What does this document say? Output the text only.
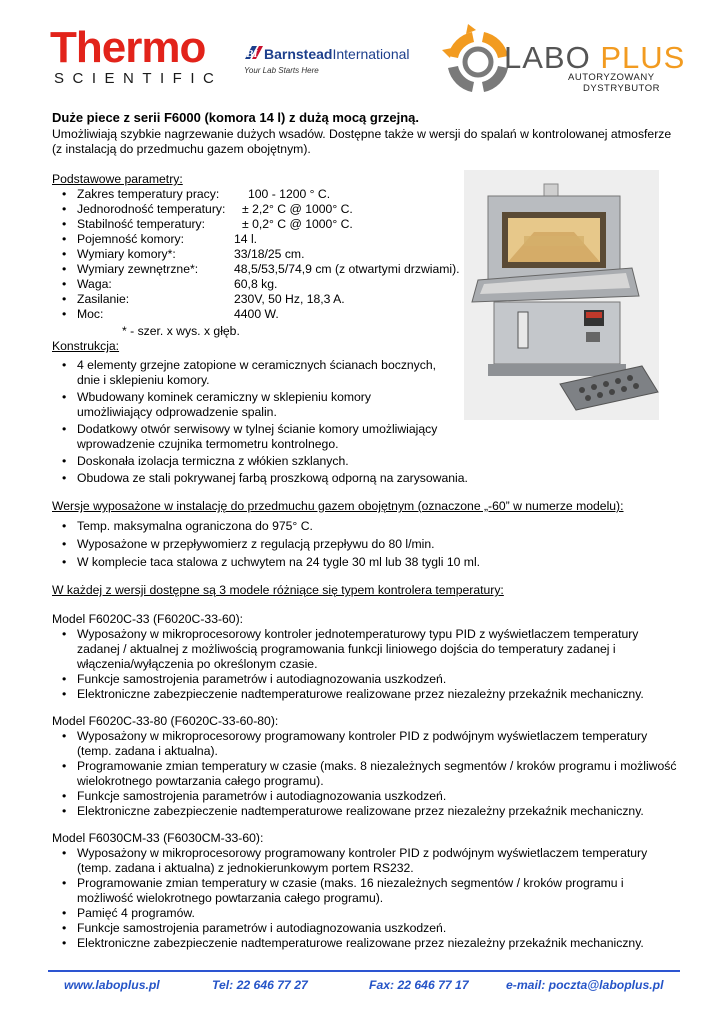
Thermo
SCIENTIFIC
BI BarnsteadInternational
Your Lab Starts Here	LABO PLUS
AUTORYZOWANY
DYSTRYBUTOR
Duże piece z serii F6000 (komora 14 l) z dużą mocą grzejną.
Umożliwiają szybkie nagrzewanie dużych wsadów. Dostępne także w wersji do spalań w kontrolowanej atmosferze (z instalacją do przedmuchu gazem obojętnym).
Podstawowe parametry:
• Zakres temperatury pracy: 100 - 1200 ° C.
• Jednorodność temperatury: ± 2,2° C @ 1000° C.
• Stabilność temperatury:	± 0,2° C @ 1000° C.
• Pojemność komory:	14 l.
• Wymiary komory*:	33/18/25 cm.
• Wymiary zewnętrzne*:	48,5/53,5/74,9 cm (z otwartymi drzwiami).
• Waga:	60,8 kg.
• Zasilanie:	230V, 50 Hz, 18,3 A.
• Moc:	4400 W.
* - szer. x wys. x głęb.
Konstrukcja:
• 4 elementy grzejne zatopione w ceramicznych ścianach bocznych, dnie i sklepieniu komory.
• Wbudowany kominek ceramiczny w sklepieniu komory umożliwiający odprowadzenie spalin.
• Dodatkowy otwór serwisowy w tylnej ścianie komory umożliwiający wprowadzenie czujnika termometru kontrolnego.
• Doskonała izolacja termiczna z włókien szklanych.
• Obudowa ze stali pokrywanej farbą proszkową odporną na zarysowania.
Wersje wyposażone w instalację do przedmuchu gazem obojętnym (oznaczone „-60” w numerze modelu):
• Temp. maksymalna ograniczona do 975° C.
• Wyposażone w przepływomierz z regulacją przepływu do 80 l/min.
• W komplecie taca stalowa z uchwytem na 24 tygle 30 ml lub 38 tygli 10 ml.
W każdej z wersji dostępne są 3 modele różniące się typem kontrolera temperatury:
Model F6020C-33 (F6020C-33-60):
• Wyposażony w mikroprocesorowy kontroler jednotemperaturowy typu PID z wyświetlaczem temperatury zadanej / aktualnej z możliwością programowania funkcji liniowego dojścia do temperatury zadanej i włączenia/wyłączenia po określonym czasie.
• Funkcje samostrojenia parametrów i autodiagnozowania uszkodzeń.
• Elektroniczne zabezpieczenie nadtemperaturowe realizowane przez niezależny przekaźnik mechaniczny.
Model F6020C-33-80 (F6020C-33-60-80):
• Wyposażony w mikroprocesorowy programowany kontroler PID z podwójnym wyświetlaczem temperatury (temp. zadana i aktualna).
• Programowanie zmian temperatury w czasie (maks. 8 niezależnych segmentów / kroków programu i możliwość wielokrotnego powtarzania całego programu).
• Funkcje samostrojenia parametrów i autodiagnozowania uszkodzeń.
• Elektroniczne zabezpieczenie nadtemperaturowe realizowane przez niezależny przekaźnik mechaniczny.
Model F6030CM-33 (F6030CM-33-60):
• Wyposażony w mikroprocesorowy programowany kontroler PID z podwójnym wyświetlaczem temperatury (temp. zadana i aktualna) z jednokierunkowym portem RS232.
• Programowanie zmian temperatury w czasie (maks. 16 niezależnych segmentów / kroków programu i możliwość wielokrotnego powtarzania całego programu).
• Pamięć 4 programów.
• Funkcje samostrojenia parametrów i autodiagnozowania uszkodzeń.
• Elektroniczne zabezpieczenie nadtemperaturowe realizowane przez niezależny przekaźnik mechaniczny.
www.laboplus.pl	Tel: 22 646 77 27	Fax: 22 646 77 17	e-mail: poczta@laboplus.pl
